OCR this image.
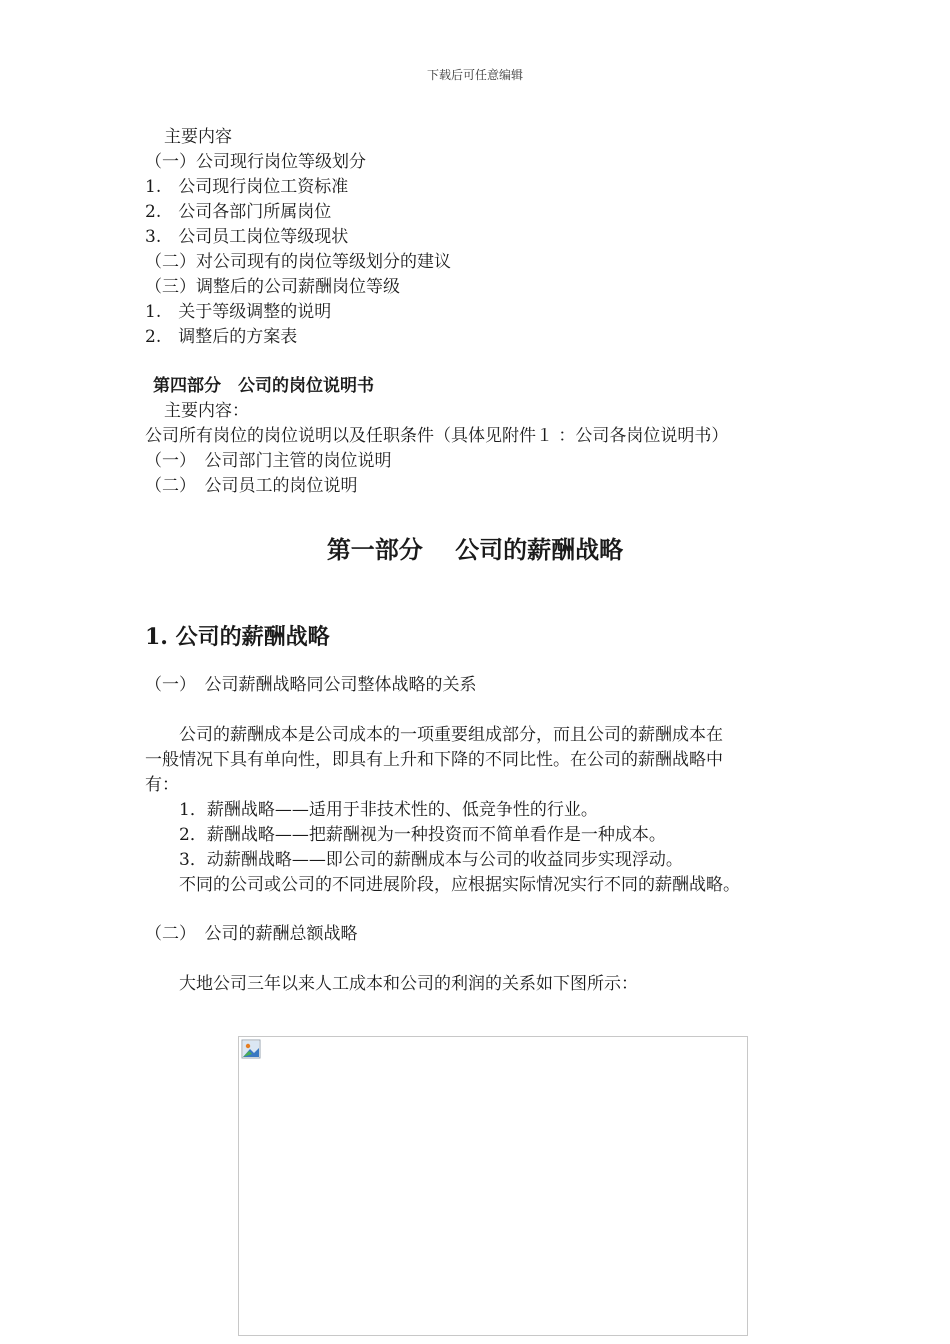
下载后可任意编辑
主要内容
（一）公司现行岗位等级划分
1.　公司现行岗位工资标准
2.　公司各部门所属岗位
3.　公司员工岗位等级现状
（二）对公司现有的岗位等级划分的建议
（三）调整后的公司薪酬岗位等级
1.　关于等级调整的说明
2.　调整后的方案表
第四部分　公司的岗位说明书
主要内容：
公司所有岗位的岗位说明以及任职条件（具体见附件１ ：公司各岗位说明书）
（一）　公司部门主管的岗位说明
（二）　公司员工的岗位说明
第一部分　 公司的薪酬战略
1. 公司的薪酬战略
（一）　公司薪酬战略同公司整体战略的关系
　　公司的薪酬成本是公司成本的一项重要组成部分，而且公司的薪酬成本在
一般情况下具有单向性，即具有上升和下降的不同比性。在公司的薪酬战略中
有：
　　1．薪酬战略——适用于非技术性的、低竞争性的行业。
　　2．薪酬战略——把薪酬视为一种投资而不简单看作是一种成本。
　　3．动薪酬战略——即公司的薪酬成本与公司的收益同步实现浮动。
　　不同的公司或公司的不同进展阶段，应根据实际情况实行不同的薪酬战略。
（二）　公司的薪酬总额战略
　　大地公司三年以来人工成本和公司的利润的关系如下图所示：
